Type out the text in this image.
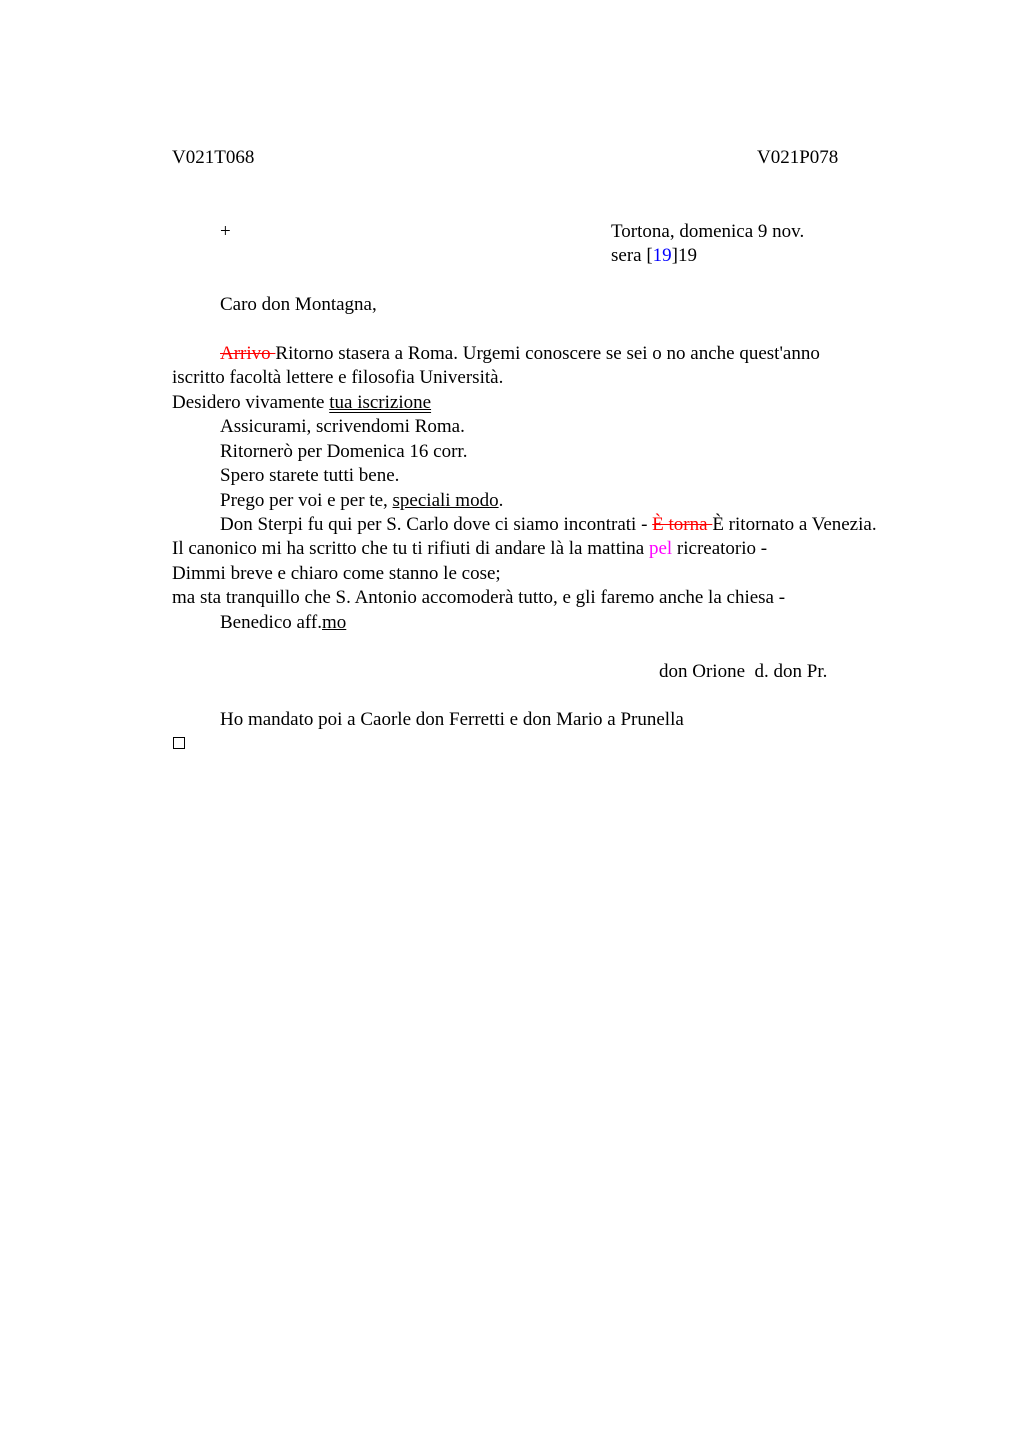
V021T068	V021P078
+	Tortona, domenica 9 nov.
sera [19]19
Caro don Montagna,
Arrivo Ritorno stasera a Roma. Urgemi conoscere se sei o no anche quest'anno
iscritto facoltà lettere e filosofia Università.
Desidero vivamente tua iscrizione
Assicurami, scrivendomi Roma.
Ritornerò per Domenica 16 corr.
Spero starete tutti bene.
Prego per voi e per te, speciali modo.
Don Sterpi fu qui per S. Carlo dove ci siamo incontrati - È torna È ritornato a Venezia.
Il canonico mi ha scritto che tu ti rifiuti di andare là la mattina pel ricreatorio -
Dimmi breve e chiaro come stanno le cose;
ma sta tranquillo che S. Antonio accomoderà tutto, e gli faremo anche la chiesa -
Benedico aff.mo
don Orione  d. don Pr.
Ho mandato poi a Caorle don Ferretti e don Mario a Prunella
